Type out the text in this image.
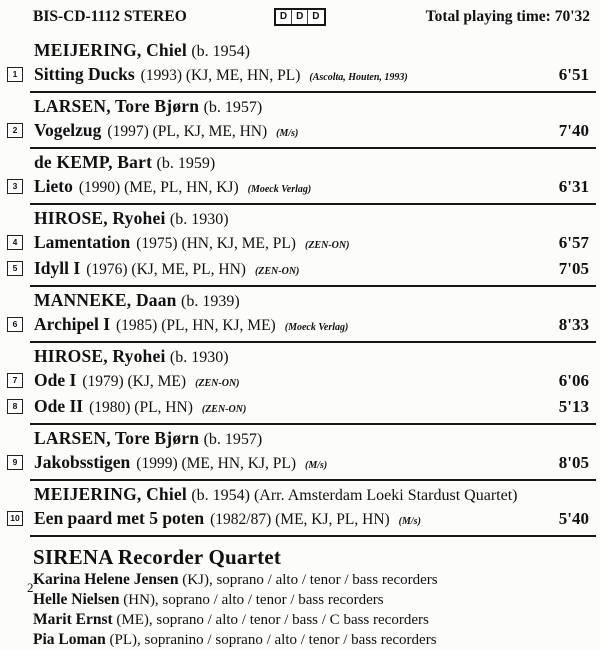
BIS-CD-1112 STEREO	D D D	Total playing time: 70'32
MEIJERING, Chiel (b. 1954)
1 Sitting Ducks (1993) (KJ, ME, HN, PL) (Ascolta, Houten, 1993)	6'51
LARSEN, Tore Bjørn (b. 1957)
2 Vogelzug (1997) (PL, KJ, ME, HN) (M/s)	7'40
de KEMP, Bart (b. 1959)
3 Lieto (1990) (ME, PL, HN, KJ) (Moeck Verlag)	6'31
HIROSE, Ryohei (b. 1930)
4 Lamentation (1975) (HN, KJ, ME, PL) (ZEN-ON)	6'57
5 Idyll I (1976) (KJ, ME, PL, HN) (ZEN-ON)	7'05
MANNEKE, Daan (b. 1939)
6 Archipel I (1985) (PL, HN, KJ, ME) (Moeck Verlag)	8'33
HIROSE, Ryohei (b. 1930)
7 Ode I (1979) (KJ, ME) (ZEN-ON)	6'06
8 Ode II (1980) (PL, HN) (ZEN-ON)	5'13
LARSEN, Tore Bjørn (b. 1957)
9 Jakobsstigen (1999) (ME, HN, KJ, PL) (M/s)	8'05
MEIJERING, Chiel (b. 1954) (Arr. Amsterdam Loeki Stardust Quartet)
10 Een paard met 5 poten (1982/87) (ME, KJ, PL, HN) (M/s)	5'40
SIRENA Recorder Quartet
Karina Helene Jensen (KJ), soprano / alto / tenor / bass recorders
Helle Nielsen (HN), soprano / alto / tenor / bass recorders
Marit Ernst (ME), soprano / alto / tenor / bass / C bass recorders
Pia Loman (PL), sopranino / soprano / alto / tenor / bass recorders
2
